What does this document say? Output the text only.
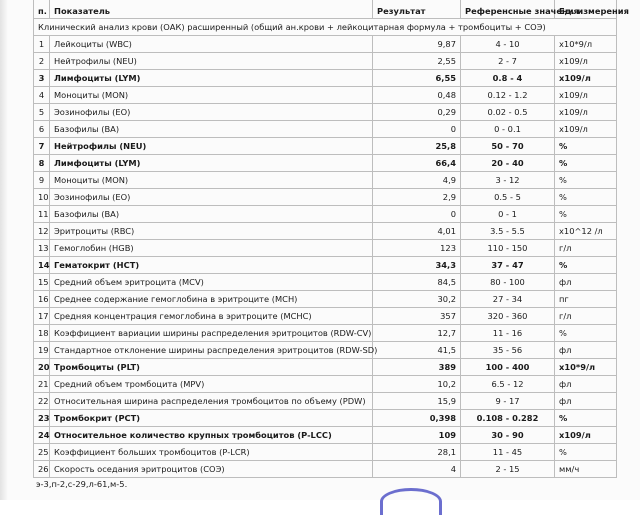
п.	Показатель	Результат	Референсные значения	Ед. измерения
Клинический анализ крови (ОАК) расширенный (общий ан.крови + лейкоцитарная формула + тромбоциты + СОЭ)				
1	Лейкоциты (WBC)	9,87	4 - 10	х10*9/л
2	Нейтрофилы (NEU)	2,55	2 - 7	х109/л
3	Лимфоциты (LYM)	6,55	0.8 - 4	х109/л
4	Моноциты (MON)	0,48	0.12 - 1.2	х109/л
5	Эозинофилы (EO)	0,29	0.02 - 0.5	х109/л
6	Базофилы (BA)	0	0 - 0.1	х109/л
7	Нейтрофилы (NEU)	25,8	50 - 70	%
8	Лимфоциты (LYM)	66,4	20 - 40	%
9	Моноциты (MON)	4,9	3 - 12	%
10	Эозинофилы (EO)	2,9	0.5 - 5	%
11	Базофилы (BA)	0	0 - 1	%
12	Эритроциты (RBC)	4,01	3.5 - 5.5	х10^12 /л
13	Гемоглобин (HGB)	123	110 - 150	г/л
14	Гематокрит (HCT)	34,3	37 - 47	%
15	Средний объем эритроцита (MCV)	84,5	80 - 100	фл
16	Среднее содержание гемоглобина в эритроците (MCH)	30,2	27 - 34	пг
17	Средняя концентрация гемоглобина в эритроците (MCHC)	357	320 - 360	г/л
18	Коэффициент вариации ширины распределения эритроцитов (RDW-CV)	12,7	11 - 16	%
19	Стандартное отклонение ширины распределения эритроцитов (RDW-SD)	41,5	35 - 56	фл
20	Тромбоциты (PLT)	389	100 - 400	х10*9/л
21	Средний объем тромбоцита (MPV)	10,2	6.5 - 12	фл
22	Относительная ширина распределения тромбоцитов по объему (PDW)	15,9	9 - 17	фл
23	Тромбокрит (PCT)	0,398	0.108 - 0.282	%
24	Относительное количество крупных тромбоцитов (P-LCC)	109	30 - 90	х109/л
25	Коэффициент больших тромбоцитов (P-LCR)	28,1	11 - 45	%
26	Скорость оседания эритроцитов (СОЭ)	4	2 - 15	мм/ч
э-3,п-2,с-29,л-61,м-5.
